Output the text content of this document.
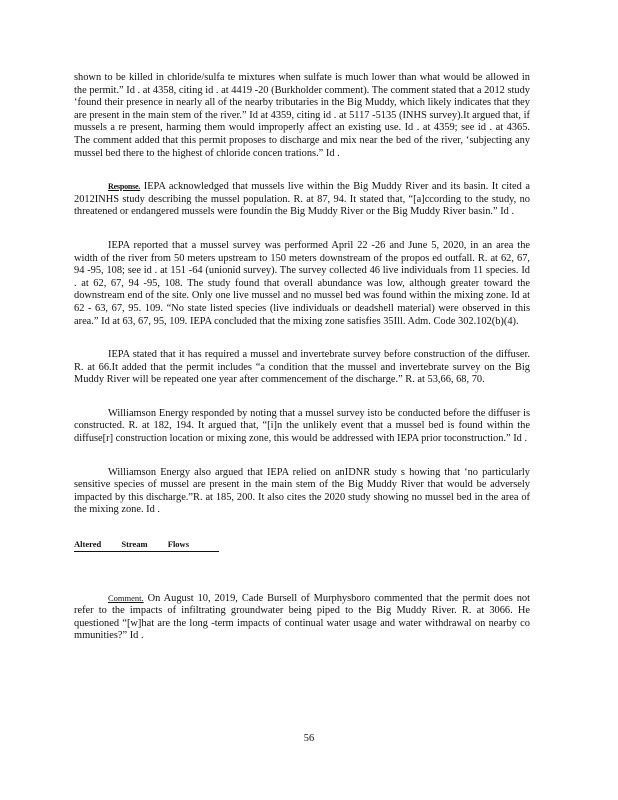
shown to be killed in chloride/sulfa te mixtures when sulfate is much lower than what would be allowed in the permit.” Id . at 4358, citing id . at 4419 -20 (Burkholder comment). The comment stated that a 2012 study ‘found their presence in nearly all of the nearby tributaries in the Big Muddy, which likely indicates that they are present in the main stem of the river.” Id at 4359, citing id . at 5117 -5135 (INHS survey).It argued that, if mussels a re present, harming them would improperly affect an existing use. Id . at 4359; see id . at 4365. The comment added that this permit proposes to discharge and mix near the bed of the river, ‘subjecting any mussel bed there to the highest of chloride concen trations.” Id .

Response. IEPA acknowledged that mussels live within the Big Muddy River and its basin. It cited a 2012INHS study describing the mussel population. R. at 87, 94. It stated that, “[a]ccording to the study, no threatened or endangered mussels were foundin the Big Muddy River or the Big Muddy River basin.” Id .

IEPA reported that a mussel survey was performed April 22 -26 and June 5, 2020, in an area the width of the river from 50 meters upstream to 150 meters downstream of the propos ed outfall. R. at 62, 67, 94 -95, 108; see id . at 151 -64 (unionid survey). The survey collected 46 live individuals from 11 species. Id . at 62, 67, 94 -95, 108. The study found that overall abundance was low, although greater toward the downstream end of the site. Only one live mussel and no mussel bed was found within the mixing zone. Id at 62 - 63, 67, 95. 109. “No state listed species (live individuals or deadshell material) were observed in this area.” Id at 63, 67, 95, 109. IEPA concluded that the mixing zone satisfies 35Ill. Adm. Code 302.102(b)(4).

IEPA stated that it has required a mussel and invertebrate survey before construction of the diffuser. R. at 66.It added that the permit includes “a condition that the mussel and invertebrate survey on the Big Muddy River will be repeated one year after commencement of the discharge.” R. at 53,66, 68, 70.

Williamson Energy responded by noting that a mussel survey isto be conducted before the diffuser is constructed. R. at 182, 194. It argued that, “[i]n the unlikely event that a mussel bed is found within the diffuse[r] construction location or mixing zone, this would be addressed with IEPA prior toconstruction.” Id .

Williamson Energy also argued that IEPA relied on anIDNR study s howing that ‘no particularly sensitive species of mussel are present in the main stem of the Big Muddy River that would be adversely impacted by this discharge.”R. at 185, 200. It also cites the 2020 study showing no mussel bed in the area of the mixing zone. Id .

Altered Stream Flows

Comment. On August 10, 2019, Cade Bursell of Murphysboro commented that the permit does not refer to the impacts of infiltrating groundwater being piped to the Big Muddy River. R. at 3066. He questioned “[w]hat are the long -term impacts of continual water usage and water withdrawal on nearby co mmunities?” Id .

56
